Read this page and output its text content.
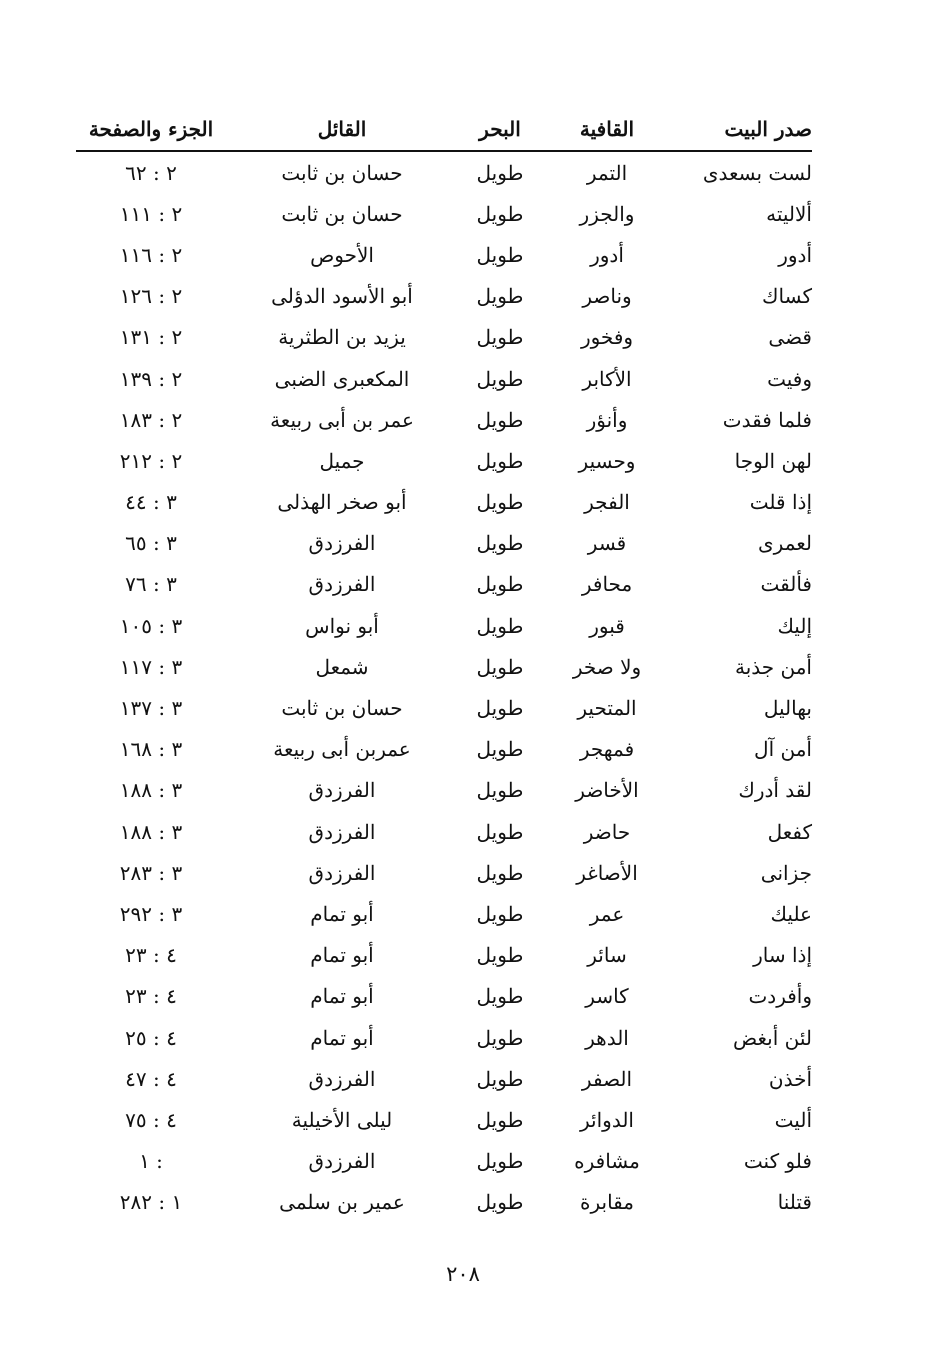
صدر البيت	القافية	البحر	القائل	الجزء والصفحة
لست بسعدى	التمر	طويل	حسان بن ثابت	٢ : ٦٢
ألاليته	والجزر	طويل	حسان بن ثابت	٢ : ١١١
أدور	أدور	طويل	الأحوص	٢ : ١١٦
كساك	وناصر	طويل	أبو الأسود الدؤلى	٢ : ١٢٦
قضى	وفخور	طويل	يزيد بن الطثرية	٢ : ١٣١
وفيت	الأكابر	طويل	المكعبرى الضبى	٢ : ١٣٩
فلما فقدت	وأنؤر	طويل	عمر بن أبى ربيعة	٢ : ١٨٣
لهن الوجا	وحسير	طويل	جميل	٢ : ٢١٢
إذا قلت	الفجر	طويل	أبو صخر الهذلى	٣ : ٤٤
لعمرى	قسر	طويل	الفرزدق	٣ : ٦٥
فألقت	محافر	طويل	الفرزدق	٣ : ٧٦
إليك	قبور	طويل	أبو نواس	٣ : ١٠٥
أمن جذبة	ولا صخر	طويل	شمعل	٣ : ١١٧
بهاليل	المتحير	طويل	حسان بن ثابت	٣ : ١٣٧
أمن آل	فمهجر	طويل	عمربن أبى ربيعة	٣ : ١٦٨
لقد أدرك	الأخاضر	طويل	الفرزدق	٣ : ١٨٨
كفعل	حاضر	طويل	الفرزدق	٣ : ١٨٨
جزانى	الأصاغر	طويل	الفرزدق	٣ : ٢٨٣
عليك	عمر	طويل	أبو تمام	٣ : ٢٩٢
إذا سار	سائر	طويل	أبو تمام	٤ : ٢٣
وأفردت	كاسر	طويل	أبو تمام	٤ : ٢٣
لئن أبغض	الدهر	طويل	أبو تمام	٤ : ٢٥
أخذن	الصفر	طويل	الفرزدق	٤ : ٤٧
أليت	الدوائر	طويل	ليلى الأخيلية	٤ : ٧٥
فلو كنت	مشافره	طويل	الفرزدق	١ :
قتلنا	مقابرة	طويل	عمير بن سلمى	١ : ٢٨٢
٢٠٨
